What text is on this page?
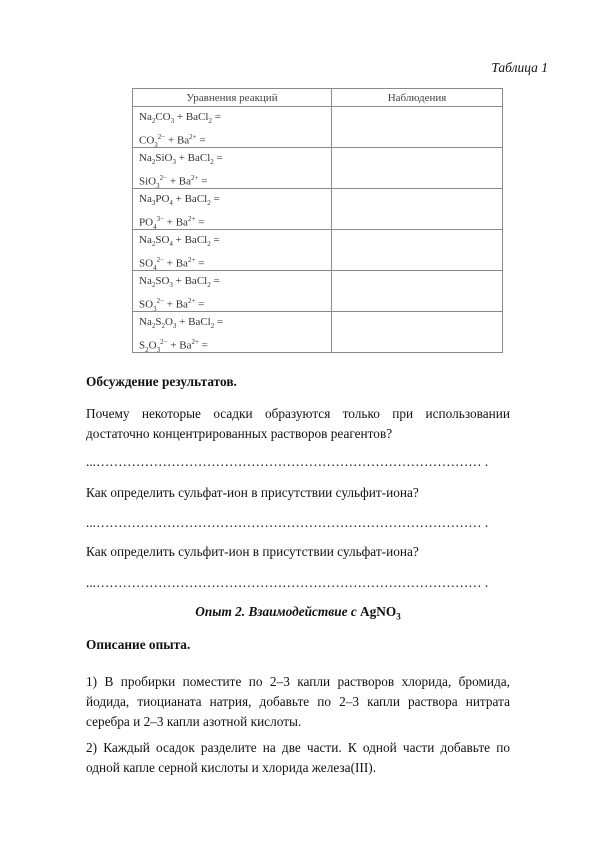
Таблица 1
Уравнения реакций	Наблюдения

$Na_2CO_3$ + BaCl$_2$ =
$CO_3^{2-} + Ba^{2+}$ =	

$Na_2SiO_3$ + BaCl$_2$ =
$SiO_3^{2-} + Ba^{2+}$ =	

$Na_3PO_4$ + BaCl$_2$ =
$PO_4^{3-} + Ba^{2+}$ =	

$Na_2SO_4$ + BaCl$_2$ =
$SO_4^{2-} + Ba^{2+}$ =	

$Na_2SO_3$ + BaCl$_2$ =
$SO_3^{2-} + Ba^{2+}$ =	

$Na_2S_2O_3$ + BaCl$_2$ =
$S_2O_3^{2-} + Ba^{2+}$ =	

Обсуждение результатов.
Почему некоторые осадки образуются только при использовании достаточно концентрированных растворов реагентов?
...…………………………………………………………………………… .
Как определить сульфат-ион в присутствии сульфит-иона?
...…………………………………………………………………………… .
Как определить сульфит-ион в присутствии сульфат-иона?
...…………………………………………………………………………… .
Опыт 2. Взаимодействие с AgNO$_3$
Описание опыта.
1) В пробирки поместите по 2–3 капли растворов хлорида, бромида, йодида, тиоцианата натрия, добавьте по 2–3 капли раствора нитрата серебра и 2–3 капли азотной кислоты.
2) Каждый осадок разделите на две части. К одной части добавьте по одной капле серной кислоты и хлорида железа(III).
